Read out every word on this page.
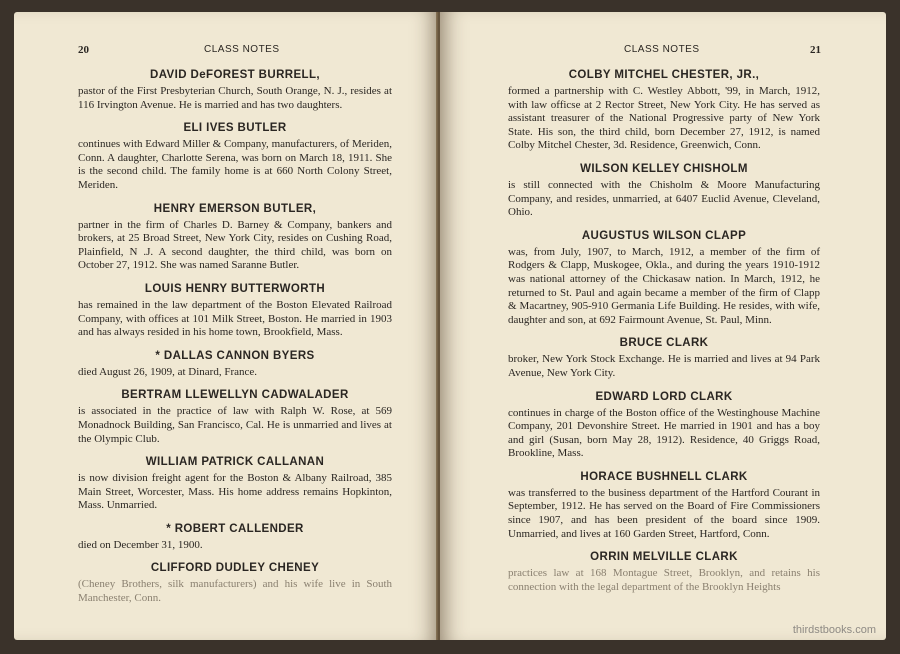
20	CLASS NOTES
DAVID DeFOREST BURRELL,

pastor of the First Presbyterian Church, South Orange, N. J., resides at 116 Irvington Avenue. He is married and has two daughters.

ELI IVES BUTLER

continues with Edward Miller & Company, manufacturers, of Meriden, Conn. A daughter, Charlotte Serena, was born on March 18, 1911. She is the second child. The family home is at 660 North Colony Street, Meriden.

HENRY EMERSON BUTLER,

partner in the firm of Charles D. Barney & Company, bankers and brokers, at 25 Broad Street, New York City, resides on Cushing Road, Plainfield, N .J. A second daughter, the third child, was born on October 27, 1912. She was named Saranne Butler.

LOUIS HENRY BUTTERWORTH

has remained in the law department of the Boston Elevated Railroad Company, with offices at 101 Milk Street, Boston. He married in 1903 and has always resided in his home town, Brookfield, Mass.

* DALLAS CANNON BYERS

died August 26, 1909, at Dinard, France.

BERTRAM LLEWELLYN CADWALADER

is associated in the practice of law with Ralph W. Rose, at 569 Monadnock Building, San Francisco, Cal. He is unmarried and lives at the Olympic Club.

WILLIAM PATRICK CALLANAN

is now division freight agent for the Boston & Albany Railroad, 385 Main Street, Worcester, Mass. His home address remains Hopkinton, Mass. Unmarried.

* ROBERT CALLENDER

died on December 31, 1900.

CLIFFORD DUDLEY CHENEY

(Cheney Brothers, silk manufacturers) and his wife live in South Manchester, Conn.

CLASS NOTES	21
COLBY MITCHEL CHESTER, JR.,

formed a partnership with C. Westley Abbott, '99, in March, 1912, with law officse at 2 Rector Street, New York City. He has served as assistant treasurer of the National Progressive party of New York State. His son, the third child, born December 27, 1912, is named Colby Mitchel Chester, 3d. Residence, Greenwich, Conn.

WILSON KELLEY CHISHOLM

is still connected with the Chisholm & Moore Manufacturing Company, and resides, unmarried, at 6407 Euclid Avenue, Cleveland, Ohio.

AUGUSTUS WILSON CLAPP

was, from July, 1907, to March, 1912, a member of the firm of Rodgers & Clapp, Muskogee, Okla., and during the years 1910-1912 was national attorney of the Chickasaw nation. In March, 1912, he returned to St. Paul and again became a member of the firm of Clapp & Macartney, 905-910 Germania Life Building. He resides, with wife, daughter and son, at 692 Fairmount Avenue, St. Paul, Minn.

BRUCE CLARK

broker, New York Stock Exchange. He is married and lives at 94 Park Avenue, New York City.

EDWARD LORD CLARK

continues in charge of the Boston office of the Westinghouse Machine Company, 201 Devonshire Street. He married in 1901 and has a boy and girl (Susan, born May 28, 1912). Residence, 40 Griggs Road, Brookline, Mass.

HORACE BUSHNELL CLARK

was transferred to the business department of the Hartford Courant in September, 1912. He has served on the Board of Fire Commissioners since 1907, and has been president of the board since 1909. Unmarried, and lives at 160 Garden Street, Hartford, Conn.

ORRIN MELVILLE CLARK

practices law at 168 Montague Street, Brooklyn, and retains his connection with the legal department of the Brooklyn Heights

thirdstbooks.com
